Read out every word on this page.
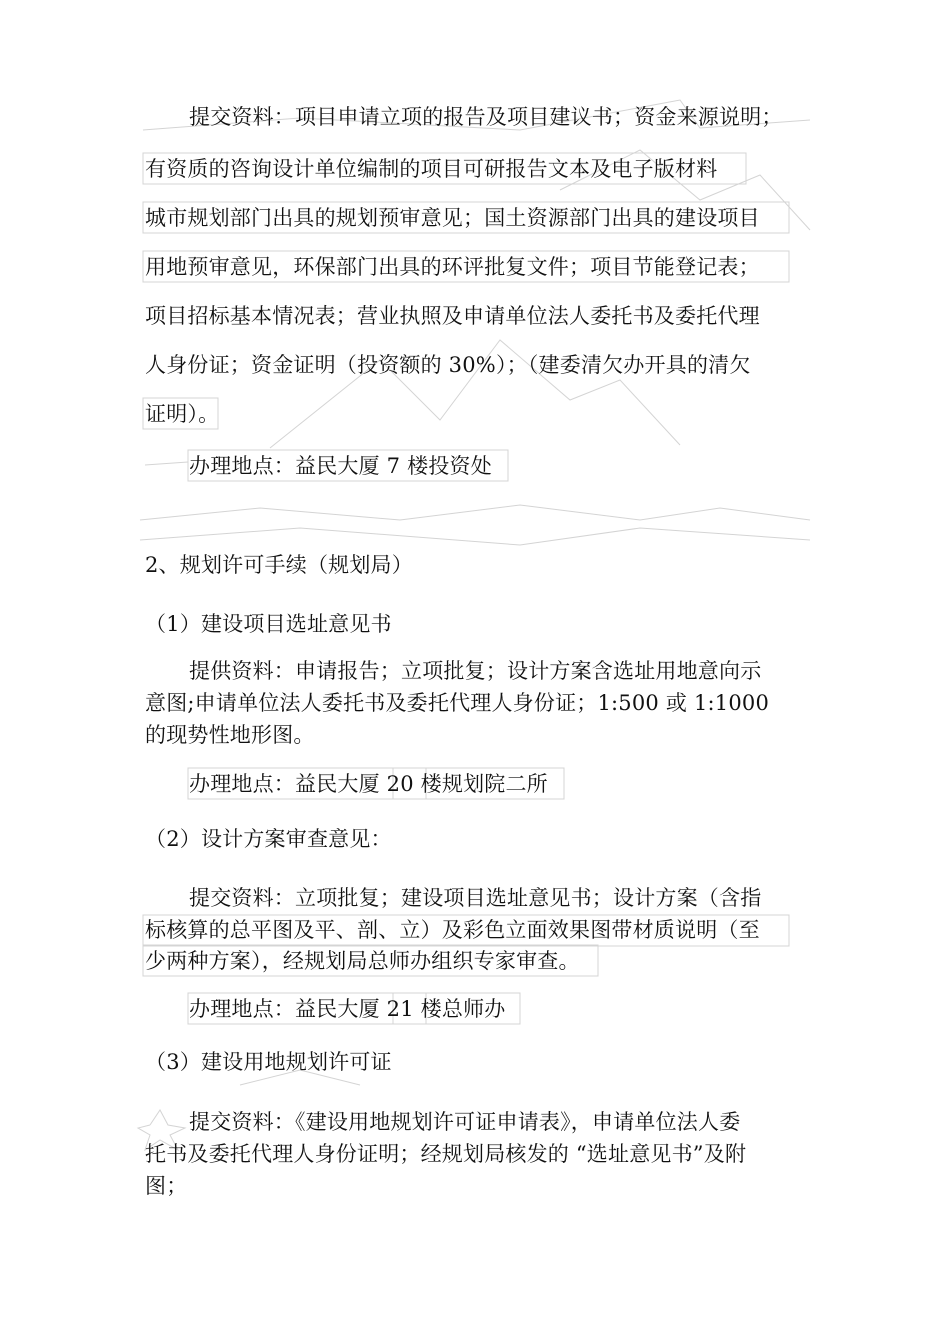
提交资料：项目申请立项的报告及项目建议书；资金来源说明；
有资质的咨询设计单位编制的项目可研报告文本及电子版材料
城市规划部门出具的规划预审意见；国土资源部门出具的建设项目
用地预审意见，环保部门出具的环评批复文件；项目节能登记表；
项目招标基本情况表；营业执照及申请单位法人委托书及委托代理
人身份证；资金证明（投资额的 30%）；（建委清欠办开具的清欠
证明）。
办理地点：益民大厦 7 楼投资处
2、规划许可手续（规划局）
（1）建设项目选址意见书
提供资料：申请报告；立项批复；设计方案含选址用地意向示
意图;申请单位法人委托书及委托代理人身份证；1:500 或 1:1000
的现势性地形图。
办理地点：益民大厦 20 楼规划院二所
（2）设计方案审查意见：
提交资料：立项批复；建设项目选址意见书；设计方案（含指
标核算的总平图及平、剖、立）及彩色立面效果图带材质说明（至
少两种方案），经规划局总师办组织专家审查。
办理地点：益民大厦 21 楼总师办
（3）建设用地规划许可证
提交资料：《建设用地规划许可证申请表》，申请单位法人委
托书及委托代理人身份证明；经规划局核发的 “选址意见书”及附
图；
